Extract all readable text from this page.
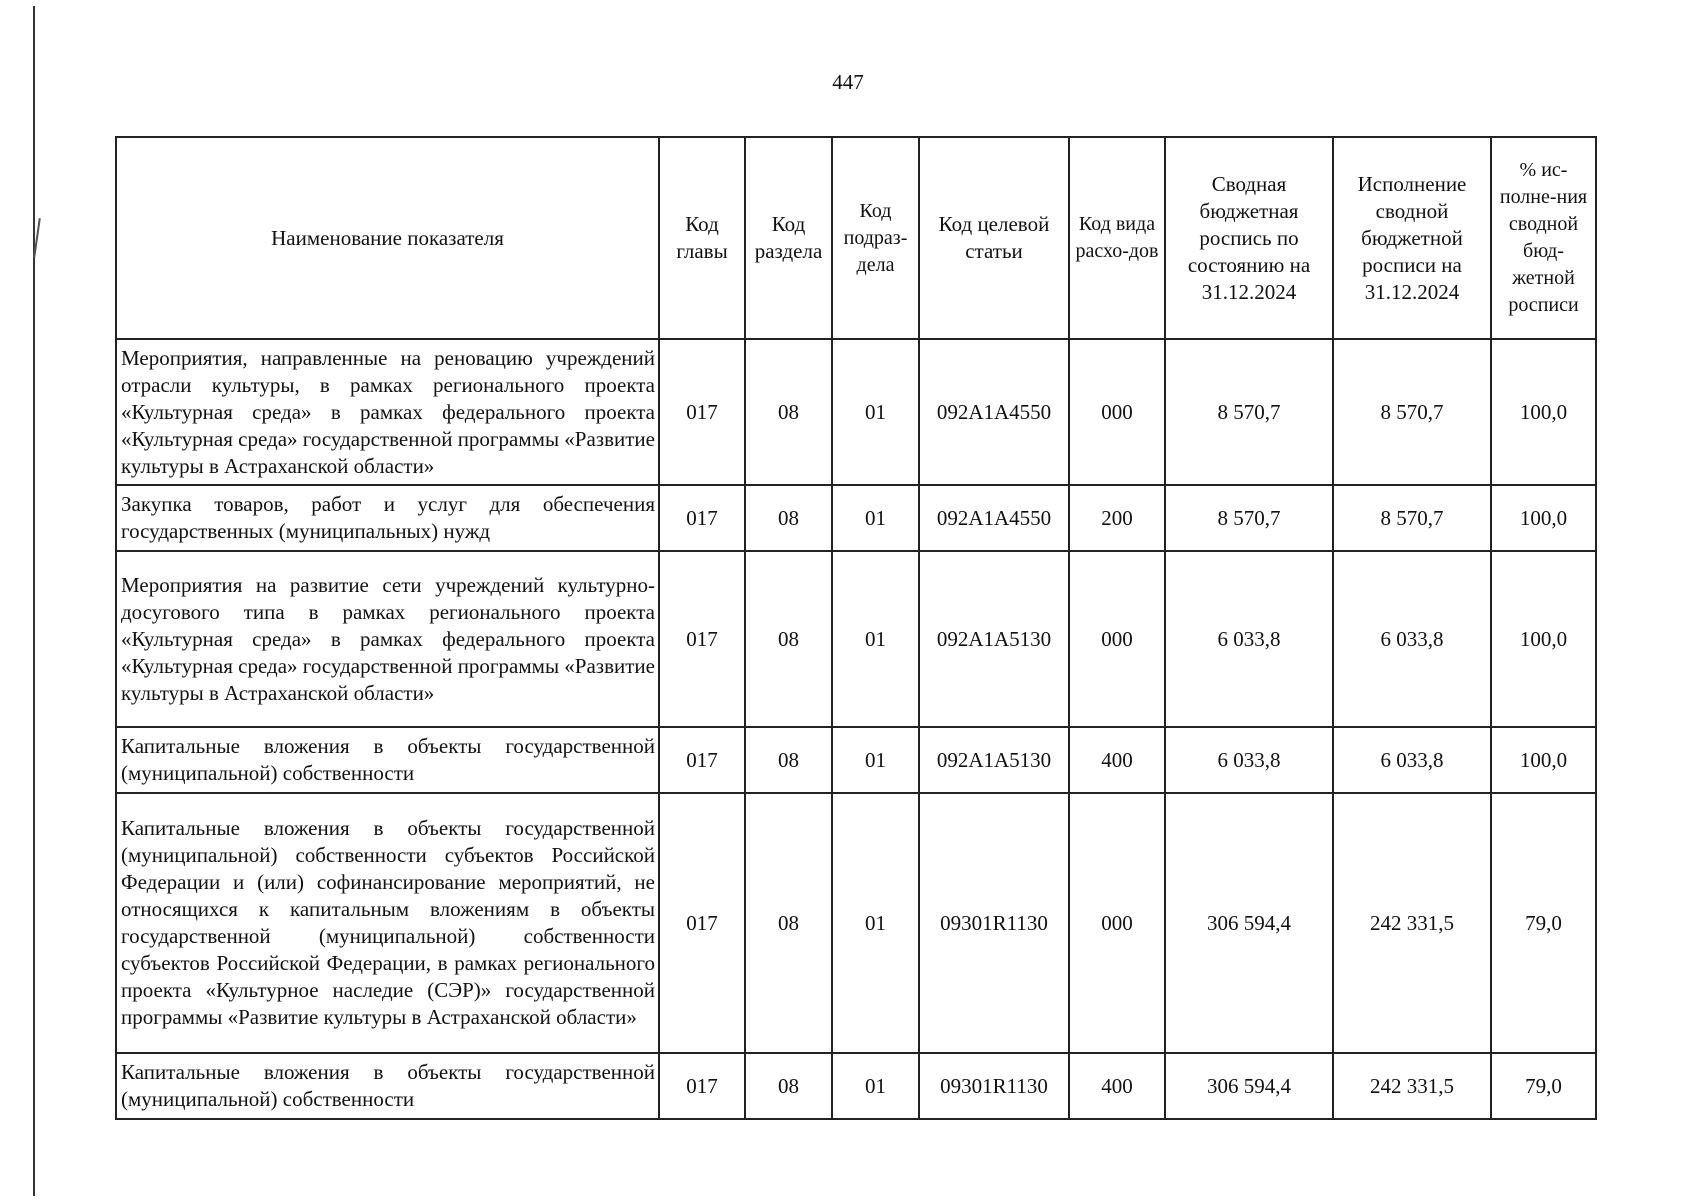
447
Наименование показателя	Код главы	Код раздела	Код подраз-дела	Код целевой статьи	Код вида расхо-дов	Сводная бюджетная роспись по состоянию на 31.12.2024	Исполнение сводной бюджетной росписи на 31.12.2024	% ис-полне-ния сводной бюд-жетной росписи
Мероприятия, направленные на реновацию учреждений отрасли культуры, в рамках регионального проекта «Культурная среда» в рамках федерального проекта «Культурная среда» государственной программы «Развитие культуры в Астраханской области»	017	08	01	092A1A4550	000	8 570,7	8 570,7	100,0
Закупка товаров, работ и услуг для обеспечения государственных (муниципальных) нужд	017	08	01	092A1A4550	200	8 570,7	8 570,7	100,0
Мероприятия на развитие сети учреждений культурно-досугового типа в рамках регионального проекта «Культурная среда» в рамках федерального проекта «Культурная среда» государственной программы «Развитие культуры в Астраханской области»	017	08	01	092A1A5130	000	6 033,8	6 033,8	100,0
Капитальные вложения в объекты государственной (муниципальной) собственности	017	08	01	092A1A5130	400	6 033,8	6 033,8	100,0
Капитальные вложения в объекты государственной (муниципальной) собственности субъектов Российской Федерации и (или) софинансирование мероприятий, не относящихся к капитальным вложениям в объекты государственной (муниципальной) собственности субъектов Российской Федерации, в рамках регионального проекта «Культурное наследие (СЭР)» государственной программы «Развитие культуры в Астраханской области»	017	08	01	09301R1130	000	306 594,4	242 331,5	79,0
Капитальные вложения в объекты государственной (муниципальной) собственности	017	08	01	09301R1130	400	306 594,4	242 331,5	79,0
